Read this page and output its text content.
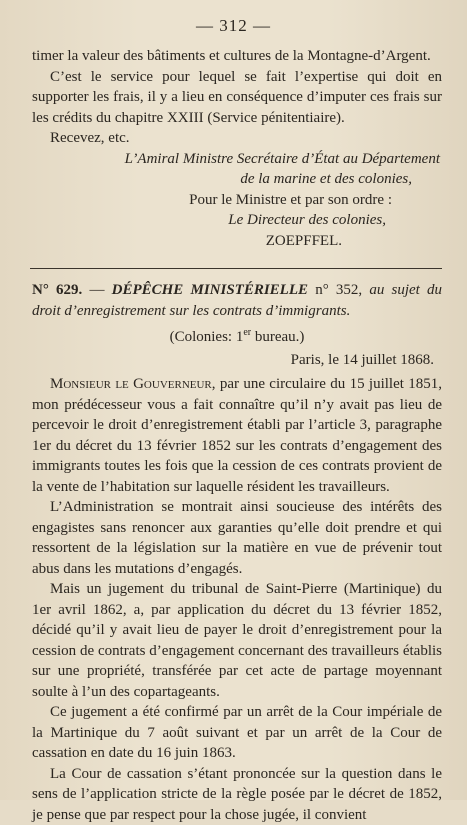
— 312 —

timer la valeur des bâtiments et cultures de la Montagne-d’Argent.

C’est le service pour lequel se fait l’expertise qui doit en supporter les frais, il y a lieu en conséquence d’imputer ces frais sur les crédits du chapitre XXIII (Service pénitentiaire).

Recevez, etc.

L’Amiral Ministre Secrétaire d’État au Département

de la marine et des colonies,

Pour le Ministre et par son ordre :

Le Directeur des colonies,

ZOEPFFEL.

N° 629. — DÉPÊCHE MINISTÉRIELLE n° 352, au sujet du droit d’enregistrement sur les contrats d’immigrants.

(Colonies: 1er bureau.)

Paris, le 14 juillet 1868.

Monsieur le Gouverneur, par une circulaire du 15 juillet 1851, mon prédécesseur vous a fait connaître qu’il n’y avait pas lieu de percevoir le droit d’enregistrement établi par l’article 3, paragraphe 1er du décret du 13 février 1852 sur les contrats d’engagement des immigrants toutes les fois que la cession de ces contrats provient de la vente de l’habitation sur laquelle résident les travailleurs.

L’Administration se montrait ainsi soucieuse des intérêts des engagistes sans renoncer aux garanties qu’elle doit prendre et qui ressortent de la législation sur la matière en vue de prévenir tout abus dans les mutations d’engagés.

Mais un jugement du tribunal de Saint-Pierre (Martinique) du 1er avril 1862, a, par application du décret du 13 février 1852, décidé qu’il y avait lieu de payer le droit d’enregistrement pour la cession de contrats d’engagement concernant des travailleurs établis sur une propriété, transférée par cet acte de partage moyennant soulte à l’un des copartageants.

Ce jugement a été confirmé par un arrêt de la Cour impériale de la Martinique du 7 août suivant et par un arrêt de la Cour de cassation en date du 16 juin 1863.

La Cour de cassation s’étant prononcée sur la question dans le sens de l’application stricte de la règle posée par le décret de 1852, je pense que par respect pour la chose jugée, il convient
